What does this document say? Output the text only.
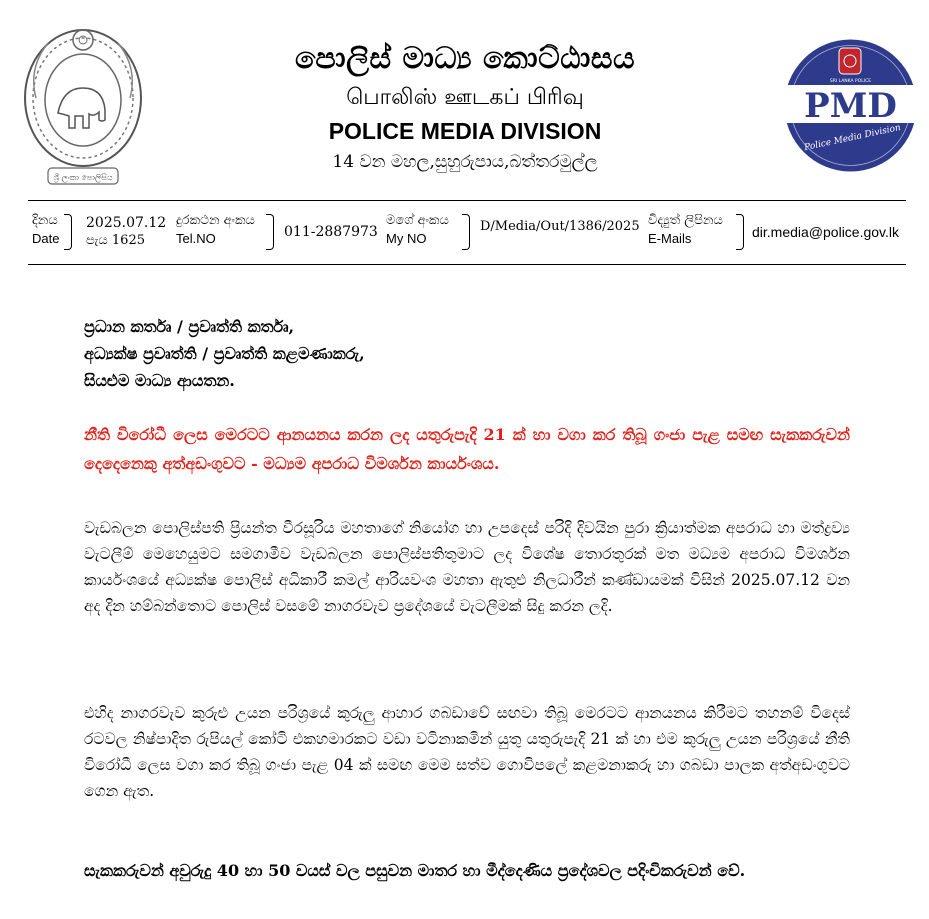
ශ්‍රී ලංකා පොලිසිය
SRI LANKA POLICE
PMD
Police Media Division
පොලිස් මාධ්‍ය කොට්ඨාසය
பொலிஸ் ஊடகப் பிரிவு
POLICE MEDIA DIVISION
14 වන මහල,සුහුරුපාය,බත්තරමුල්ල
දිනය
Date
2025.07.12
පැය 1625
දුරකථන අංකය
Tel.NO	011-2887973
මගේ අංකය
My NO
D/Media/Out/1386/2025 විද්‍යුත් ලිපිනය
E-Mails	dir.media@police.gov.lk
ප්‍රධාන කර්තෘ / ප්‍රවෘත්ති කර්තෘ,
අධ්‍යක්ෂ ප්‍රවෘත්ති / ප්‍රවෘත්ති කළමණාකරු,
සියළුම මාධ්‍ය ආයතන.
නීති විරෝධී ලෙස මෙරටට ආනයනය කරන ලද යතුරුපැදි 21 ක් හා වගා කර තිබූ ගංජා පැළ සමඟ සැකකරුවන් දෙදෙනෙකු අත්අඩංගුවට - මධ්‍යම අපරාධ විමර්ශන කාර්යංශය.
වැඩබලන පොලිස්පති ප්‍රියන්ත වීරසූරිය මහතාගේ නියෝග හා උපදෙස් පරිදි දිවයින පුරා ක්‍රියාත්මක අපරාධ හා මත්ද්‍රව්‍ය වැටලීම් මෙහෙයුමට සමගාමීව වැඩබලන පොලිස්පතිතුමාට ලද විශේෂ තොරතුරක් මත මධ්‍යම අපරාධ විමර්ශන කාර්යංශයේ අධ්‍යක්ෂ පොලිස් අධිකාරී කමල් ආරියවංශ මහතා ඇතුළු නිලධාරීන් කණ්ඩායමක් විසින් 2025.07.12 වන අද දින හම්බන්තොට පොලිස් වසමේ නාගරවැව ප්‍රදේශයේ වැටලීමක් සිදු කරන ලදි.
එහිද නාගරවැව කුරුළු උයන පරිශ්‍රයේ කුරුලු ආහාර ගබඩාවේ සඟවා තිබූ මෙරටට ආනයනය කිරීමට තහනම් විදෙස් රටවල නිෂ්පාදිත රුපියල් කෝටි එකහමාරකට වඩා වටිනාකමින් යුතු යතුරුපැදි 21 ක් හා එම කුරුලු උයන පරිශ්‍රයේ නීති විරෝධී ලෙස වගා කර තිබූ ගංජා පැළ 04 ක් සමඟ මෙම සත්ව ගොවිපලේ කළමනාකරු හා ගබඩා පාලක අත්අඩංගුවට ගෙන ඇත.
සැකකරුවන් අවුරුදු 40 හා 50 වයස් වල පසුවන මාතර හා මීද්දෙණිය ප්‍රදේශවල පදිංචිකරුවන් වේ.
